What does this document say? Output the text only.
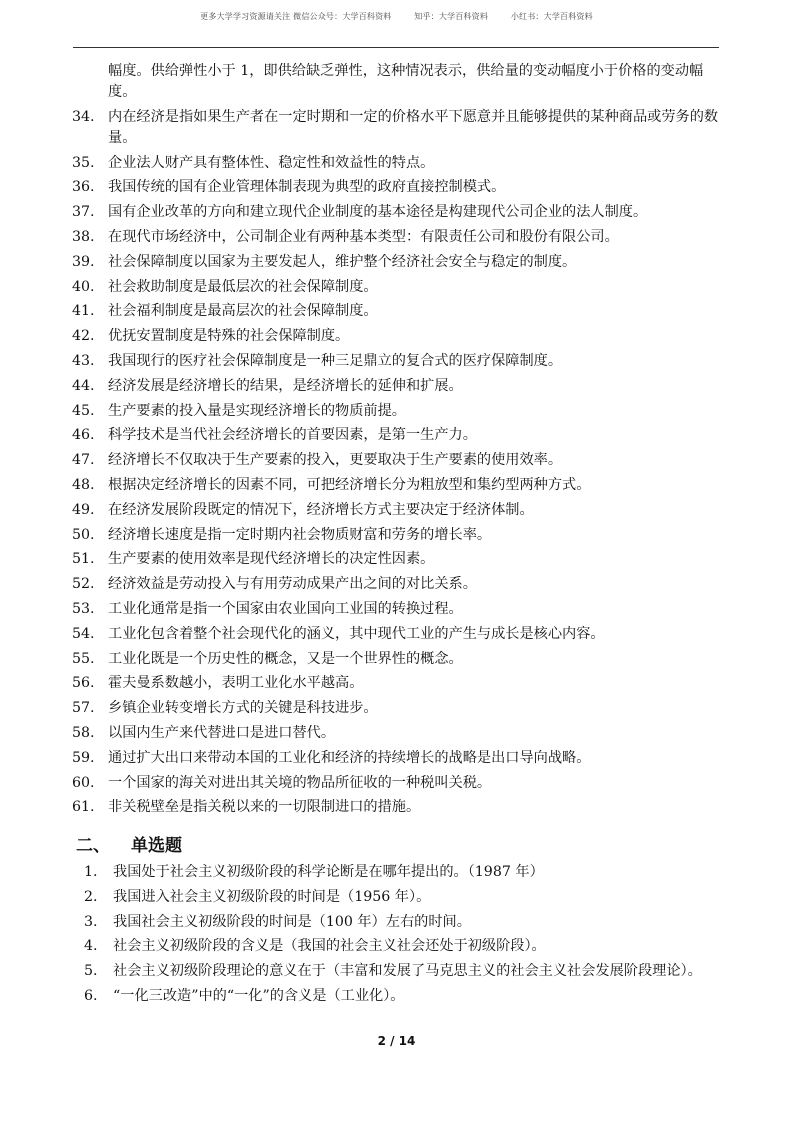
更多大学学习资源请关注 微信公众号：大学百科资料	知乎：大学百科资料	小红书：大学百科资料
幅度。供给弹性小于 1，即供给缺乏弹性，这种情况表示，供给量的变动幅度小于价格的变动幅度。
34. 内在经济是指如果生产者在一定时期和一定的价格水平下愿意并且能够提供的某种商品或劳务的数量。
35. 企业法人财产具有整体性、稳定性和效益性的特点。
36. 我国传统的国有企业管理体制表现为典型的政府直接控制模式。
37. 国有企业改革的方向和建立现代企业制度的基本途径是构建现代公司企业的法人制度。
38. 在现代市场经济中，公司制企业有两种基本类型：有限责任公司和股份有限公司。
39. 社会保障制度以国家为主要发起人，维护整个经济社会安全与稳定的制度。
40. 社会救助制度是最低层次的社会保障制度。
41. 社会福利制度是最高层次的社会保障制度。
42. 优抚安置制度是特殊的社会保障制度。
43. 我国现行的医疗社会保障制度是一种三足鼎立的复合式的医疗保障制度。
44. 经济发展是经济增长的结果，是经济增长的延伸和扩展。
45. 生产要素的投入量是实现经济增长的物质前提。
46. 科学技术是当代社会经济增长的首要因素，是第一生产力。
47. 经济增长不仅取决于生产要素的投入，更要取决于生产要素的使用效率。
48. 根据决定经济增长的因素不同，可把经济增长分为粗放型和集约型两种方式。
49. 在经济发展阶段既定的情况下，经济增长方式主要决定于经济体制。
50. 经济增长速度是指一定时期内社会物质财富和劳务的增长率。
51. 生产要素的使用效率是现代经济增长的决定性因素。
52. 经济效益是劳动投入与有用劳动成果产出之间的对比关系。
53. 工业化通常是指一个国家由农业国向工业国的转换过程。
54. 工业化包含着整个社会现代化的涵义，其中现代工业的产生与成长是核心内容。
55. 工业化既是一个历史性的概念，又是一个世界性的概念。
56. 霍夫曼系数越小，表明工业化水平越高。
57. 乡镇企业转变增长方式的关键是科技进步。
58. 以国内生产来代替进口是进口替代。
59. 通过扩大出口来带动本国的工业化和经济的持续增长的战略是出口导向战略。
60. 一个国家的海关对进出其关境的物品所征收的一种税叫关税。
61. 非关税壁垒是指关税以来的一切限制进口的措施。
二、 单选题
1.	我国处于社会主义初级阶段的科学论断是在哪年提出的。（1987 年）
2.	我国进入社会主义初级阶段的时间是（1956 年）。
3.	我国社会主义初级阶段的时间是（100 年）左右的时间。
4.	社会主义初级阶段的含义是（我国的社会主义社会还处于初级阶段）。
5.	社会主义初级阶段理论的意义在于（丰富和发展了马克思主义的社会主义社会发展阶段理论）。
6.	“一化三改造”中的“一化”的含义是（工业化）。
2 / 14
